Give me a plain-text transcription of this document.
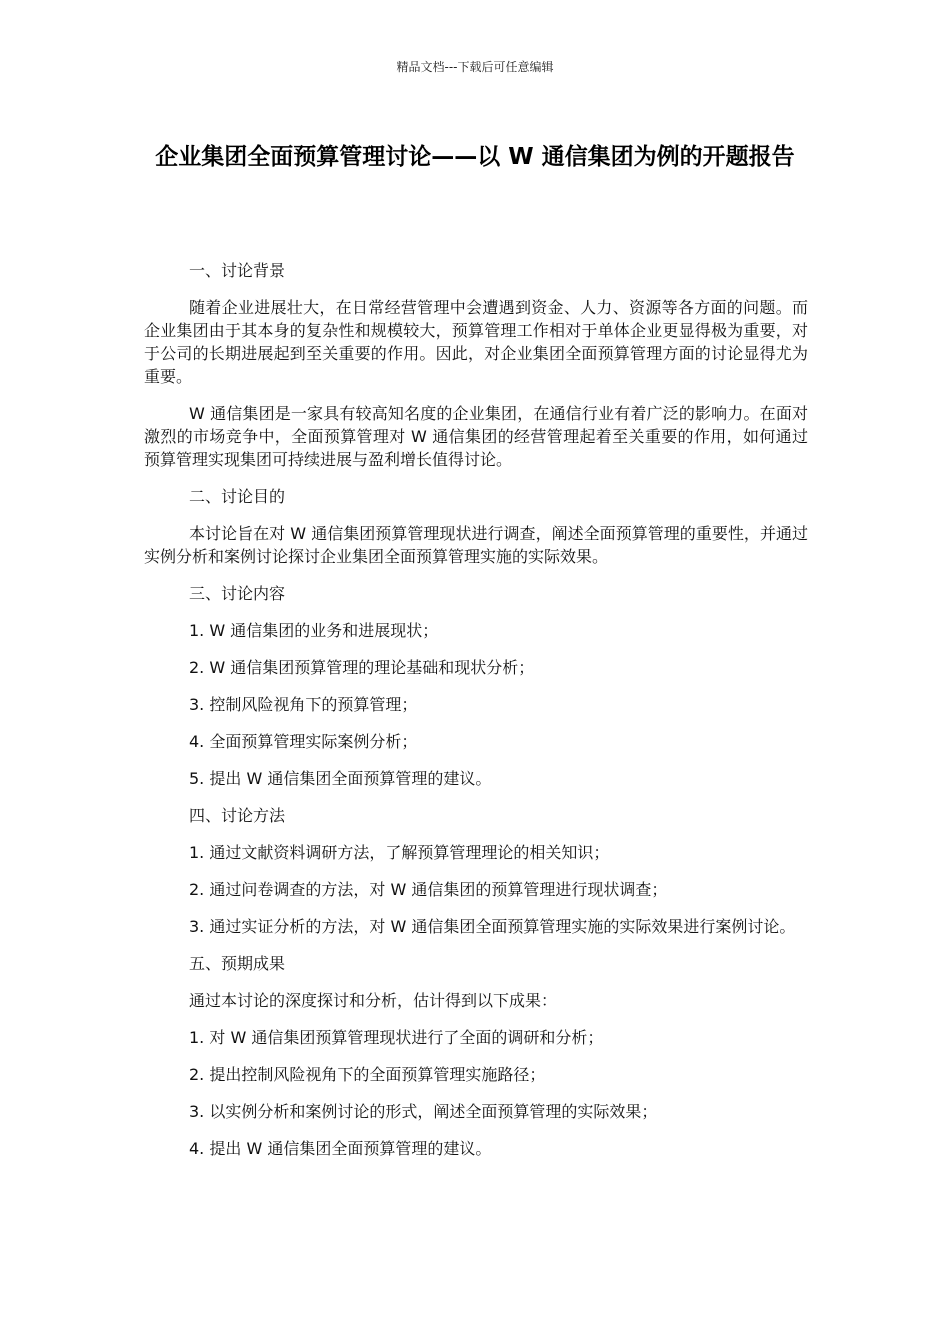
精品文档---下载后可任意编辑
企业集团全面预算管理讨论——以 W 通信集团为例的开题报告
一、讨论背景
随着企业进展壮大，在日常经营管理中会遭遇到资金、人力、资源等各方面的问题。而企业集团由于其本身的复杂性和规模较大，预算管理工作相对于单体企业更显得极为重要，对于公司的长期进展起到至关重要的作用。因此，对企业集团全面预算管理方面的讨论显得尤为重要。
W 通信集团是一家具有较高知名度的企业集团，在通信行业有着广泛的影响力。在面对激烈的市场竞争中，全面预算管理对 W 通信集团的经营管理起着至关重要的作用，如何通过预算管理实现集团可持续进展与盈利增长值得讨论。
二、讨论目的
本讨论旨在对 W 通信集团预算管理现状进行调查，阐述全面预算管理的重要性，并通过实例分析和案例讨论探讨企业集团全面预算管理实施的实际效果。
三、讨论内容
1. W 通信集团的业务和进展现状；
2. W 通信集团预算管理的理论基础和现状分析；
3. 控制风险视角下的预算管理；
4. 全面预算管理实际案例分析；
5. 提出 W 通信集团全面预算管理的建议。
四、讨论方法
1. 通过文献资料调研方法，了解预算管理理论的相关知识；
2. 通过问卷调查的方法，对 W 通信集团的预算管理进行现状调查；
3. 通过实证分析的方法，对 W 通信集团全面预算管理实施的实际效果进行案例讨论。
五、预期成果
通过本讨论的深度探讨和分析，估计得到以下成果：
1. 对 W 通信集团预算管理现状进行了全面的调研和分析；
2. 提出控制风险视角下的全面预算管理实施路径；
3. 以实例分析和案例讨论的形式，阐述全面预算管理的实际效果；
4. 提出 W 通信集团全面预算管理的建议。
